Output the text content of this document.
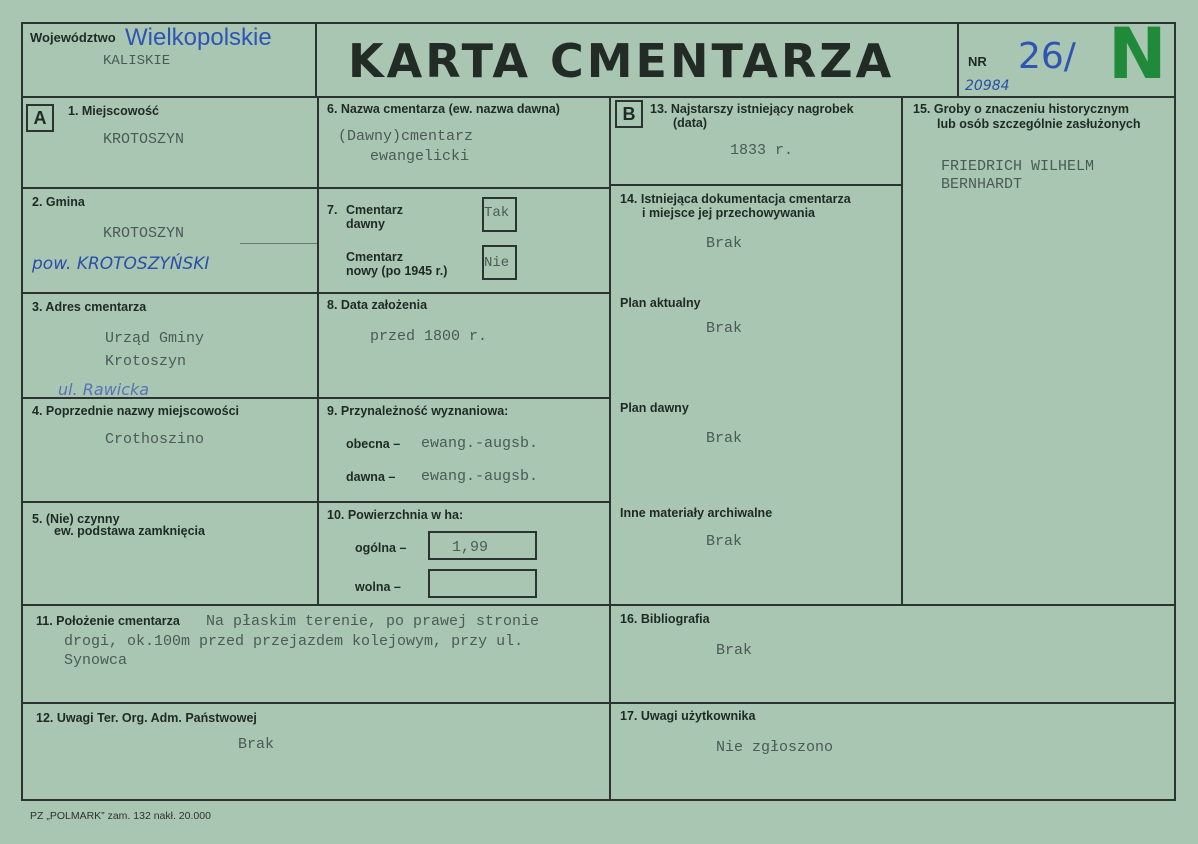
Województwo Wielkopolskie
KALISKIE	KARTA CMENTARZA	NR 26/ N
20984
A	1. Miejscowość
KROTOSZYN
2. Gmina
KROTOSZYN
pow. KROTOSZYŃSKI
3. Adres cmentarza
Urząd Gminy
Krotoszyn
ul. Rawicka
4. Poprzednie nazwy miejscowości
Crothoszino
5. (Nie) czynny
ew. podstawa zamknięcia
6. Nazwa cmentarza (ew. nazwa dawna)
(Dawny)cmentarz
ewangelicki
7. Cmentarz
dawny
Tak
Cmentarz
nowy (po 1945 r.)	Nie
8. Data założenia
przed 1800 r.
9. Przynależność wyznaniowa:
obecna – ewang.-augsb.
dawna – ewang.-augsb.
10. Powierzchnia w ha:
ogólna –	1,99
wolna –
B	13. Najstarszy istniejący nagrobek
(data)
1833 r.
14. Istniejąca dokumentacja cmentarza
i miejsce jej przechowywania
Brak
Plan aktualny
Brak
Plan dawny
Brak
Inne materiały archiwalne
Brak
15. Groby o znaczeniu historycznym
lub osób szczególnie zasłużonych
FRIEDRICH WILHELM
BERNHARDT
11. Położenie cmentarza Na płaskim terenie, po prawej stronie
drogi, ok.100m przed przejazdem kolejowym, przy ul.
Synowca
16. Bibliografia
Brak
12. Uwagi Ter. Org. Adm. Państwowej
Brak
17. Uwagi użytkownika
Nie zgłoszono
PZ „POLMARK” zam. 132 nakł. 20.000
